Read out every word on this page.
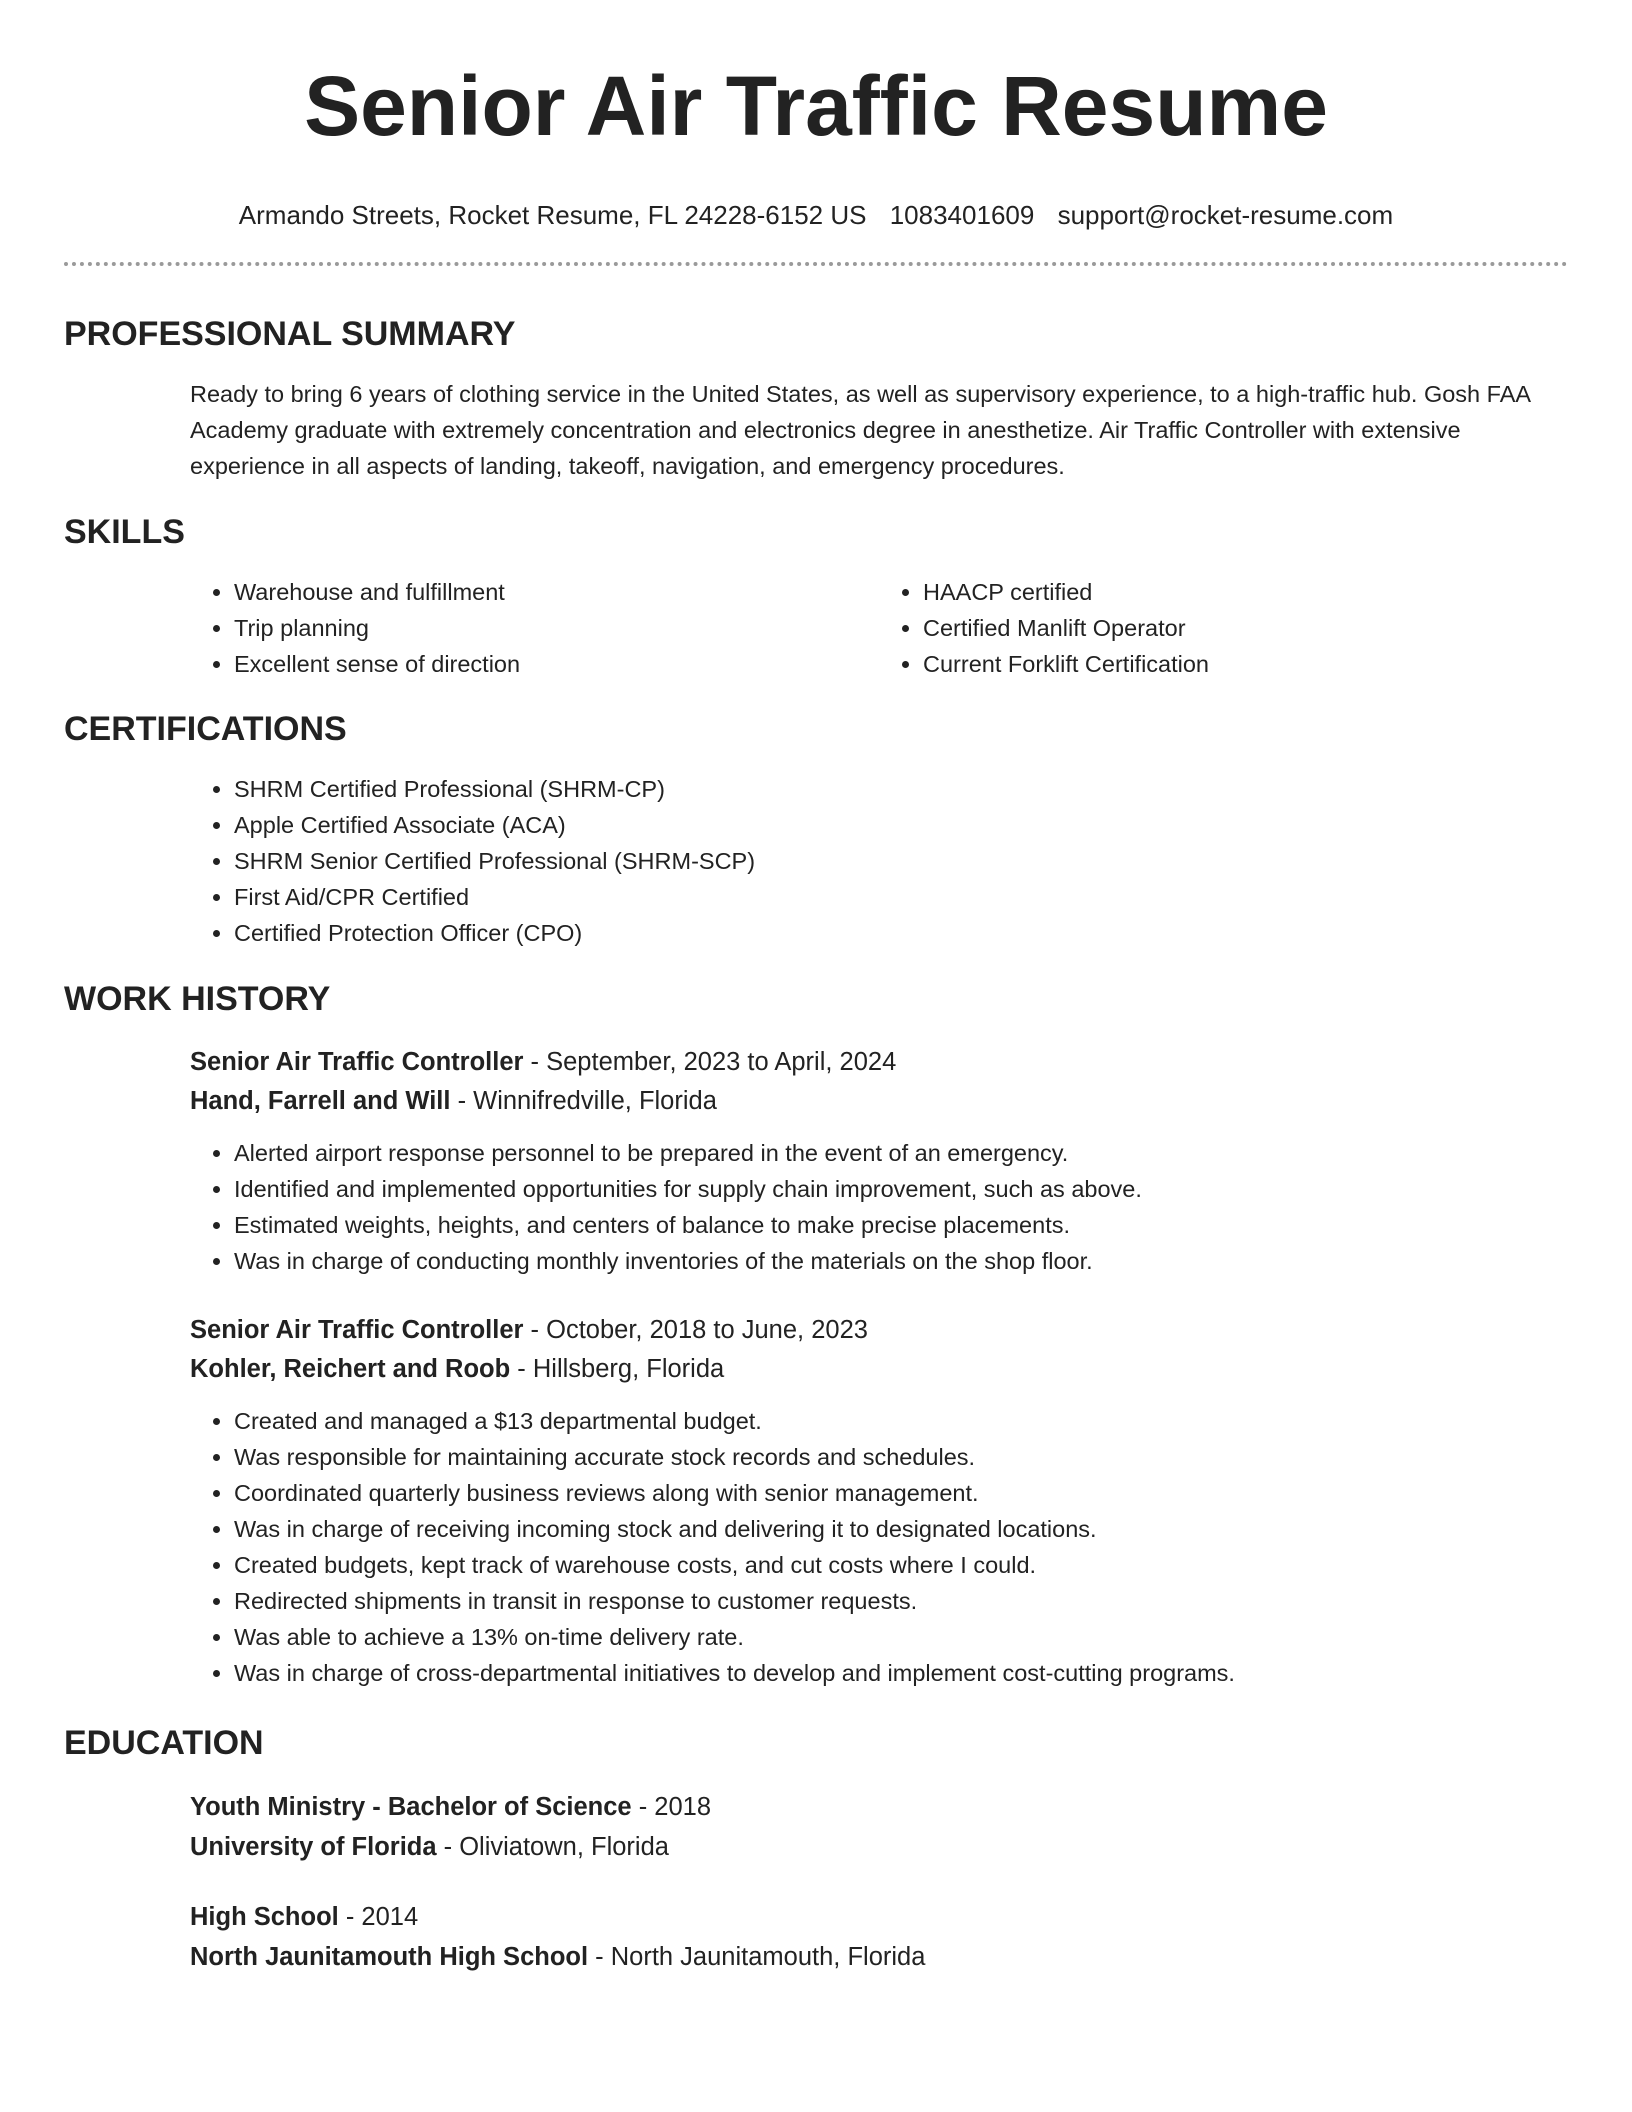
Senior Air Traffic Resume
Armando Streets, Rocket Resume, FL 24228-6152 US 1083401609 support@rocket-resume.com
PROFESSIONAL SUMMARY
Ready to bring 6 years of clothing service in the United States, as well as supervisory experience, to a high-traffic hub. Gosh FAA Academy graduate with extremely concentration and electronics degree in anesthetize. Air Traffic Controller with extensive experience in all aspects of landing, takeoff, navigation, and emergency procedures.
SKILLS
• Warehouse and fulfillment
• Trip planning
• Excellent sense of direction
• HAACP certified
• Certified Manlift Operator
• Current Forklift Certification
CERTIFICATIONS
• SHRM Certified Professional (SHRM-CP)
• Apple Certified Associate (ACA)
• SHRM Senior Certified Professional (SHRM-SCP)
• First Aid/CPR Certified
• Certified Protection Officer (CPO)
WORK HISTORY
Senior Air Traffic Controller - September, 2023 to April, 2024
Hand, Farrell and Will - Winnifredville, Florida
• Alerted airport response personnel to be prepared in the event of an emergency.
• Identified and implemented opportunities for supply chain improvement, such as above.
• Estimated weights, heights, and centers of balance to make precise placements.
• Was in charge of conducting monthly inventories of the materials on the shop floor.
Senior Air Traffic Controller - October, 2018 to June, 2023
Kohler, Reichert and Roob - Hillsberg, Florida
• Created and managed a $13 departmental budget.
• Was responsible for maintaining accurate stock records and schedules.
• Coordinated quarterly business reviews along with senior management.
• Was in charge of receiving incoming stock and delivering it to designated locations.
• Created budgets, kept track of warehouse costs, and cut costs where I could.
• Redirected shipments in transit in response to customer requests.
• Was able to achieve a 13% on-time delivery rate.
• Was in charge of cross-departmental initiatives to develop and implement cost-cutting programs.
EDUCATION
Youth Ministry - Bachelor of Science - 2018
University of Florida - Oliviatown, Florida
High School - 2014
North Jaunitamouth High School - North Jaunitamouth, Florida
